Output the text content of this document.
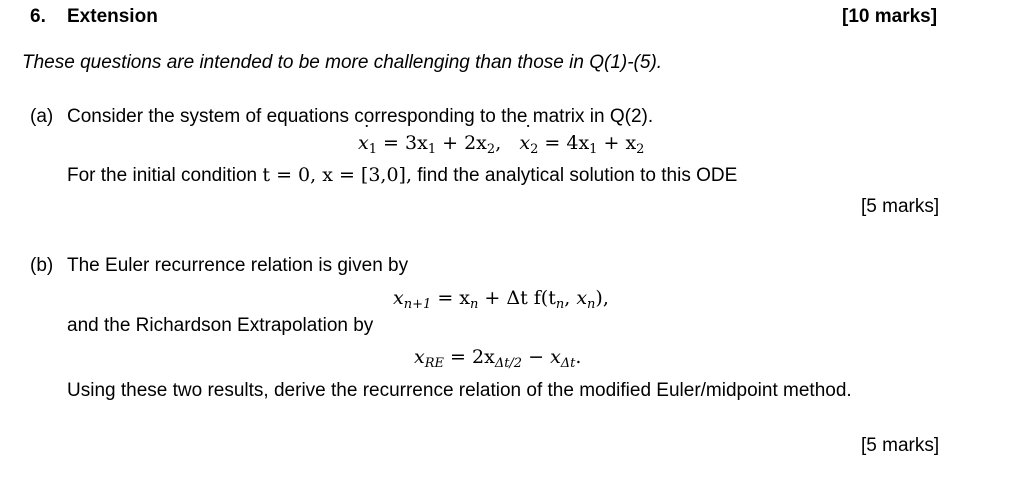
6. Extension	[10 marks]
These questions are intended to be more challenging than those in Q(1)-(5).
(a) Consider the system of equations corresponding to the matrix in Q(2).
˙ $x_1 = 3x_1 + 2x_2$,   ˙ $x_2 = 4x_1 + x_2$
For the initial condition t = 0, x = [3,0], find the analytical solution to this ODE
[5 marks]
(b) The Euler recurrence relation is given by
$x_{n+1} = x_n + \Delta t$ $f(t_n$, $x_n$),
and the Richardson Extrapolation by
$x_{RE} = 2x_{\Delta t/2} - x_{\Delta t}$.
Using these two results, derive the recurrence relation of the modified Euler/midpoint method.
[5 marks]
